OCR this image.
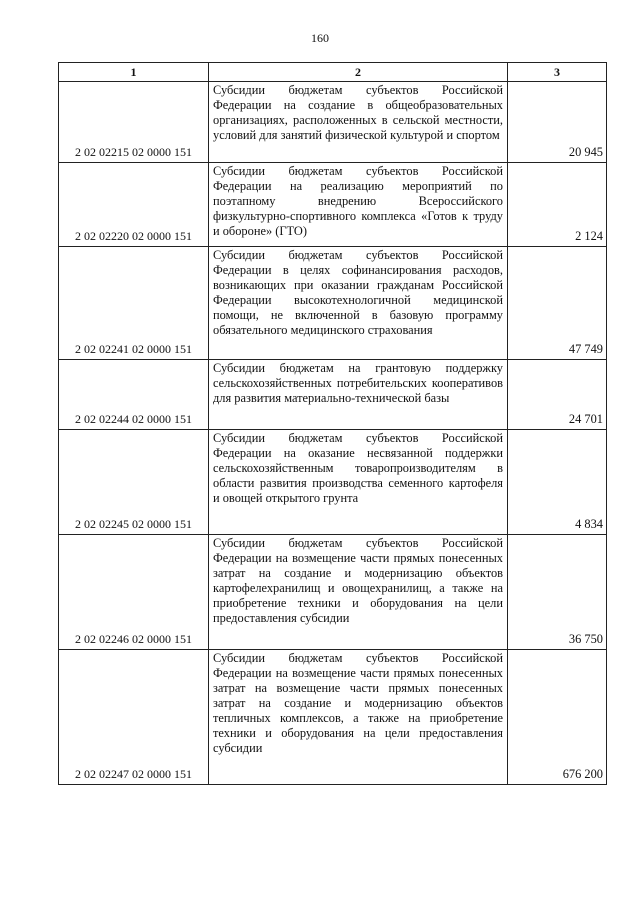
160
1	2	3
2 02 02215 02 0000 151	Субсидии бюджетам субъектов Российской Федерации на создание в общеобразовательных организациях, расположенных в сельской местности, условий для занятий физической культурой и спортом	20 945
2 02 02220 02 0000 151	Субсидии бюджетам субъектов Российской Федерации на реализацию мероприятий по поэтапному внедрению Всероссийского физкультурно-спортивного комплекса «Готов к труду и обороне» (ГТО)	2 124
2 02 02241 02 0000 151	Субсидии бюджетам субъектов Российской Федерации в целях софинансирования расходов, возникающих при оказании гражданам Российской Федерации высокотехнологичной медицинской помощи, не включенной в базовую программу обязательного медицинского страхования	47 749
2 02 02244 02 0000 151	Субсидии бюджетам на грантовую поддержку сельскохозяйственных потребительских кооперативов для развития материально-технической базы	24 701
2 02 02245 02 0000 151	Субсидии бюджетам субъектов Российской Федерации на оказание несвязанной поддержки сельскохозяйственным товаропроизводителям в области развития производства семенного картофеля и овощей открытого грунта	4 834
2 02 02246 02 0000 151	Субсидии бюджетам субъектов Российской Федерации на возмещение части прямых понесенных затрат на создание и модернизацию объектов картофелехранилищ и овощехранилищ, а также на приобретение техники и оборудования на цели предоставления субсидии	36 750
2 02 02247 02 0000 151	Субсидии бюджетам субъектов Российской Федерации на возмещение части прямых понесенных затрат на возмещение части прямых понесенных затрат на создание и модернизацию объектов тепличных комплексов, а также на приобретение техники и оборудования на цели предоставления субсидии	676 200
